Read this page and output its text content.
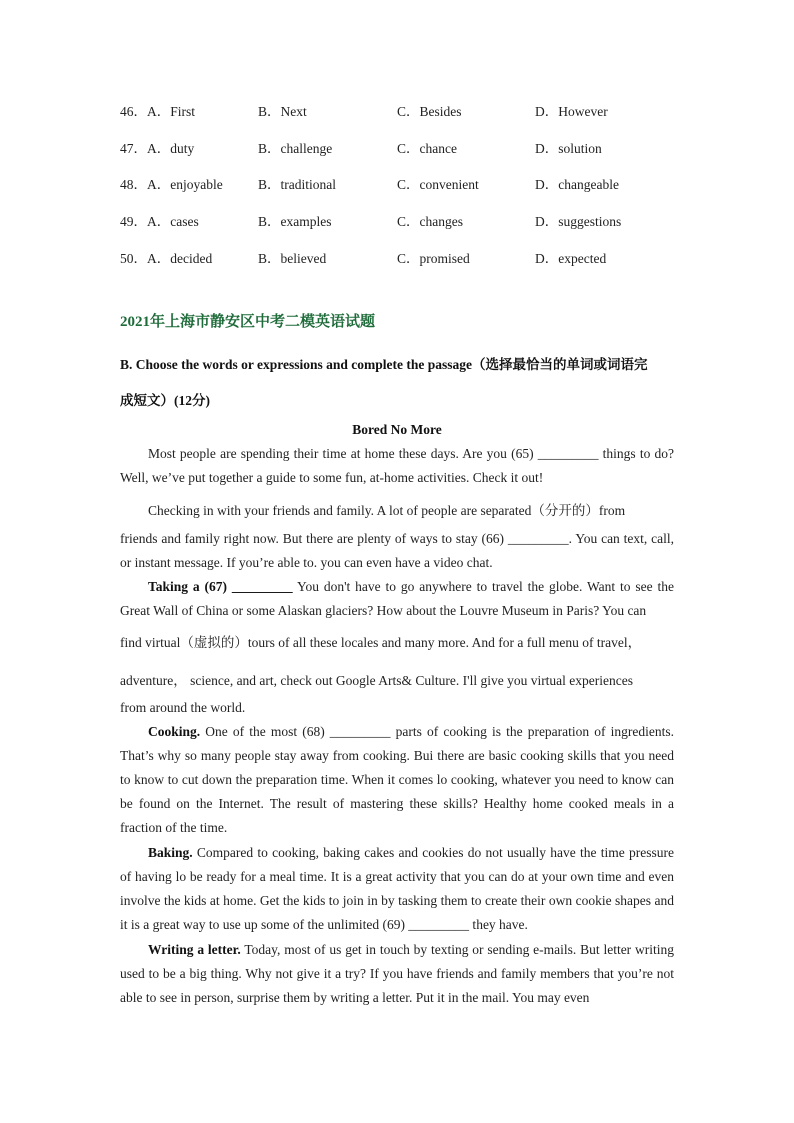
46．A．First	B．Next	C．Besides	D．However
47．A．duty	B．challenge	C．chance	D．solution
48．A．enjoyable	B．traditional	C．convenient	D．changeable
49．A．cases	B．examples	C．changes	D．suggestions
50．A．decided	B．believed	C．promised	D．expected
2021年上海市静安区中考二模英语试题
B. Choose the words or expressions and complete the passage（选择最恰当的单词或词语完
成短文）(12分)
Bored No More
Most people are spending their time at home these days. Are you (65) _________ things to do? Well, we’ve put together a guide to some fun, at-home activities. Check it out!
Checking in with your friends and family. A lot of people are separated（分开的）from
friends and family right now. But there are plenty of ways to stay (66) _________. You can text, call, or instant message. If you’re able to. you can even have a video chat.
Taking a (67) _________ You don't have to go anywhere to travel the globe. Want to see the Great Wall of China or some Alaskan glaciers? How about the Louvre Museum in Paris? You can
find virtual（虚拟的）tours of all these locales and many more. And for a full menu of travel，
adventure， science, and art, check out Google Arts& Culture. I'll give you virtual experiences
from around the world.
Cooking. One of the most (68) _________ parts of cooking is the preparation of ingredients. That’s why so many people stay away from cooking. Bui there are basic cooking skills that you need to know to cut down the preparation time. When it comes lo cooking, whatever you need to know can be found on the Internet. The result of mastering these skills? Healthy home cooked meals in a fraction of the time.
Baking. Compared to cooking, baking cakes and cookies do not usually have the time pressure of having lo be ready for a meal time. It is a great activity that you can do at your own time and even involve the kids at home. Get the kids to join in by tasking them to create their own cookie shapes and it is a great way to use up some of the unlimited (69) _________ they have.
Writing a letter. Today, most of us get in touch by texting or sending e-mails. But letter writing used to be a big thing. Why not give it a try? If you have friends and family members that you’re not able to see in person, surprise them by writing a letter. Put it in the mail. You may even
